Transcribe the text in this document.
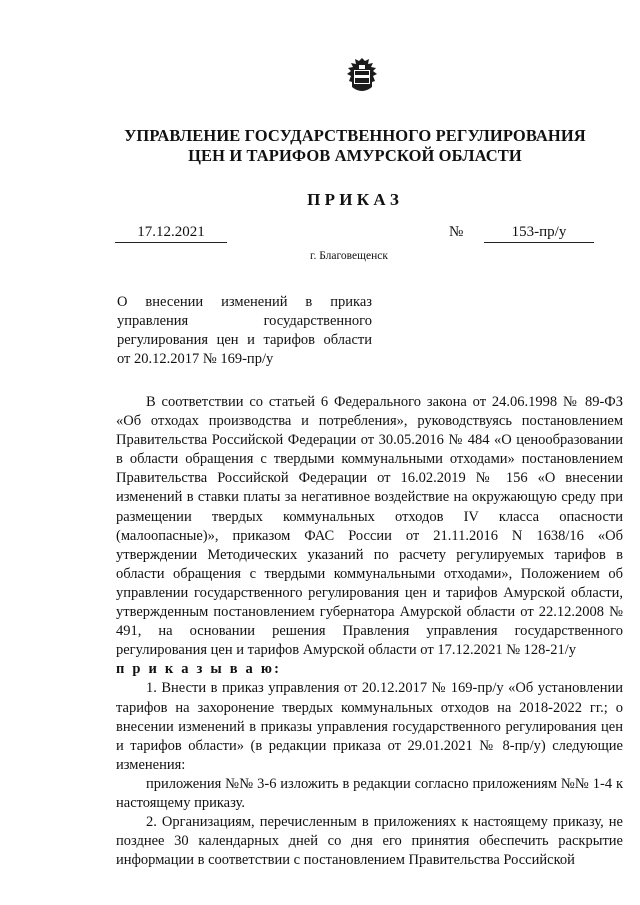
УПРАВЛЕНИЕ ГОСУДАРСТВЕННОГО РЕГУЛИРОВАНИЯ
ЦЕН И ТАРИФОВ АМУРСКОЙ ОБЛАСТИ
П Р И К А З
17.12.2021	№	153-пр/у
г. Благовещенск
О внесении изменений в приказ
управления государственного
регулирования цен и тарифов области
от 20.12.2017 № 169-пр/у

В соответствии со статьей 6 Федерального закона от 24.06.1998 № 89-ФЗ «Об отходах производства и потребления», руководствуясь постановлением Правительства Российской Федерации от 30.05.2016 № 484 «О ценообразовании в области обращения с твердыми коммунальными отходами» постановлением Правительства Российской Федерации от 16.02.2019 № 156 «О внесении изменений в ставки платы за негативное воздействие на окружающую среду при размещении твердых коммунальных отходов IV класса опасности (малоопасные)», приказом ФАС России от 21.11.2016 N 1638/16 «Об утверждении Методических указаний по расчету регулируемых тарифов в области обращения с твердыми коммунальными отходами», Положением об управлении государственного регулирования цен и тарифов Амурской области, утвержденным постановлением губернатора Амурской области от 22.12.2008 № 491, на основании решения Правления управления государственного регулирования цен и тарифов Амурской области от 17.12.2021 № 128-21/у

п р и к а з ы в а ю:

1. Внести в приказ управления от 20.12.2017 № 169-пр/у «Об установлении тарифов на захоронение твердых коммунальных отходов на 2018-2022 гг.; о внесении изменений в приказы управления государственного регулирования цен и тарифов области» (в редакции приказа от 29.01.2021 № 8-пр/у) следующие изменения:

приложения №№ 3-6 изложить в редакции согласно приложениям №№ 1-4 к настоящему приказу.

2. Организациям, перечисленным в приложениях к настоящему приказу, не позднее 30 календарных дней со дня его принятия обеспечить раскрытие информации в соответствии с постановлением Правительства Российской
